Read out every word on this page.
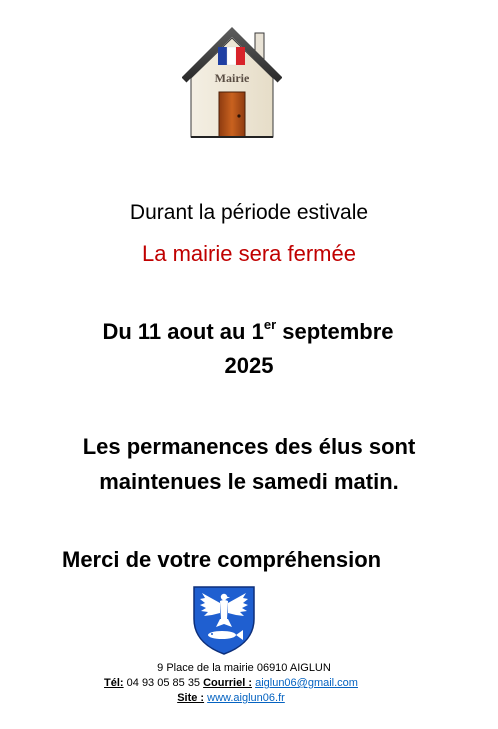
Mairie
Durant la période estivale
La mairie sera fermée
Du 11 aout au 1er septembre
2025
Les permanences des élus sont
maintenues le samedi matin.
Merci de votre compréhension
9 Place de la mairie 06910 AIGLUN
Tél: 04 93 05 85 35 Courriel : aiglun06@gmail.com
Site : www.aiglun06.fr
